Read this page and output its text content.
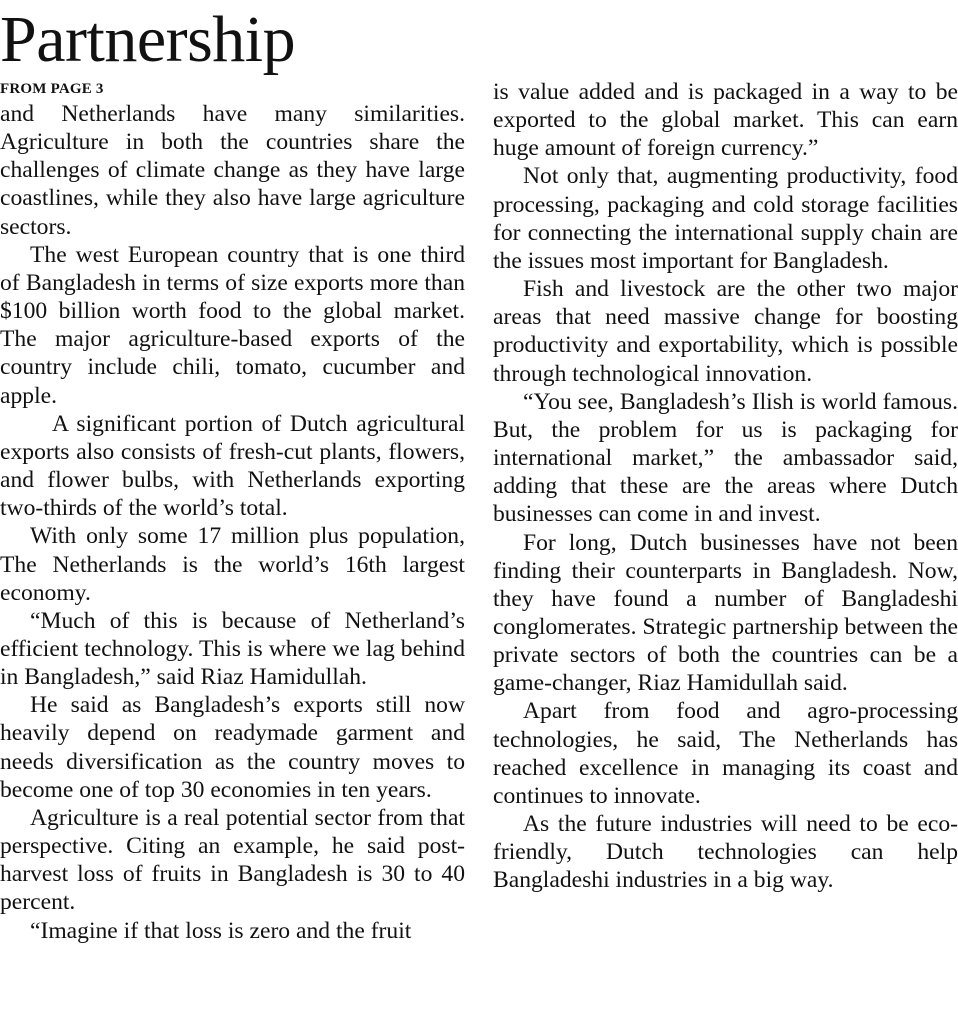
Partnership
FROM PAGE 3

and Netherlands have many similarities. Agriculture in both the countries share the challenges of climate change as they have large coastlines, while they also have large agriculture sectors.

The west European country that is one third of Bangladesh in terms of size exports more than $100 billion worth food to the global market. The major agriculture-based exports of the country include chili, tomato, cucumber and apple.

A significant portion of Dutch agricultural exports also consists of fresh-cut plants, flowers, and flower bulbs, with Netherlands exporting two-thirds of the world’s total.

With only some 17 million plus population, The Netherlands is the world’s 16th largest economy.

“Much of this is because of Netherland’s efficient technology. This is where we lag behind in Bangladesh,” said Riaz Hamidullah.

He said as Bangladesh’s exports still now heavily depend on readymade garment and needs diversification as the country moves to become one of top 30 economies in ten years.

Agriculture is a real potential sector from that perspective. Citing an example, he said post-harvest loss of fruits in Bangladesh is 30 to 40 percent.

“Imagine if that loss is zero and the fruit

is value added and is packaged in a way to be exported to the global market. This can earn huge amount of foreign currency.”

Not only that, augmenting productivity, food processing, packaging and cold storage facilities for connecting the international supply chain are the issues most important for Bangladesh.

Fish and livestock are the other two major areas that need massive change for boosting productivity and exportability, which is possible through technological innovation.

“You see, Bangladesh’s Ilish is world famous. But, the problem for us is packaging for international market,” the ambassador said, adding that these are the areas where Dutch businesses can come in and invest.

For long, Dutch businesses have not been finding their counterparts in Bangladesh. Now, they have found a number of Bangladeshi conglomerates. Strategic partnership between the private sectors of both the countries can be a game-changer, Riaz Hamidullah said.

Apart from food and agro-processing technologies, he said, The Netherlands has reached excellence in managing its coast and continues to innovate.

As the future industries will need to be eco-friendly, Dutch technologies can help Bangladeshi industries in a big way.
